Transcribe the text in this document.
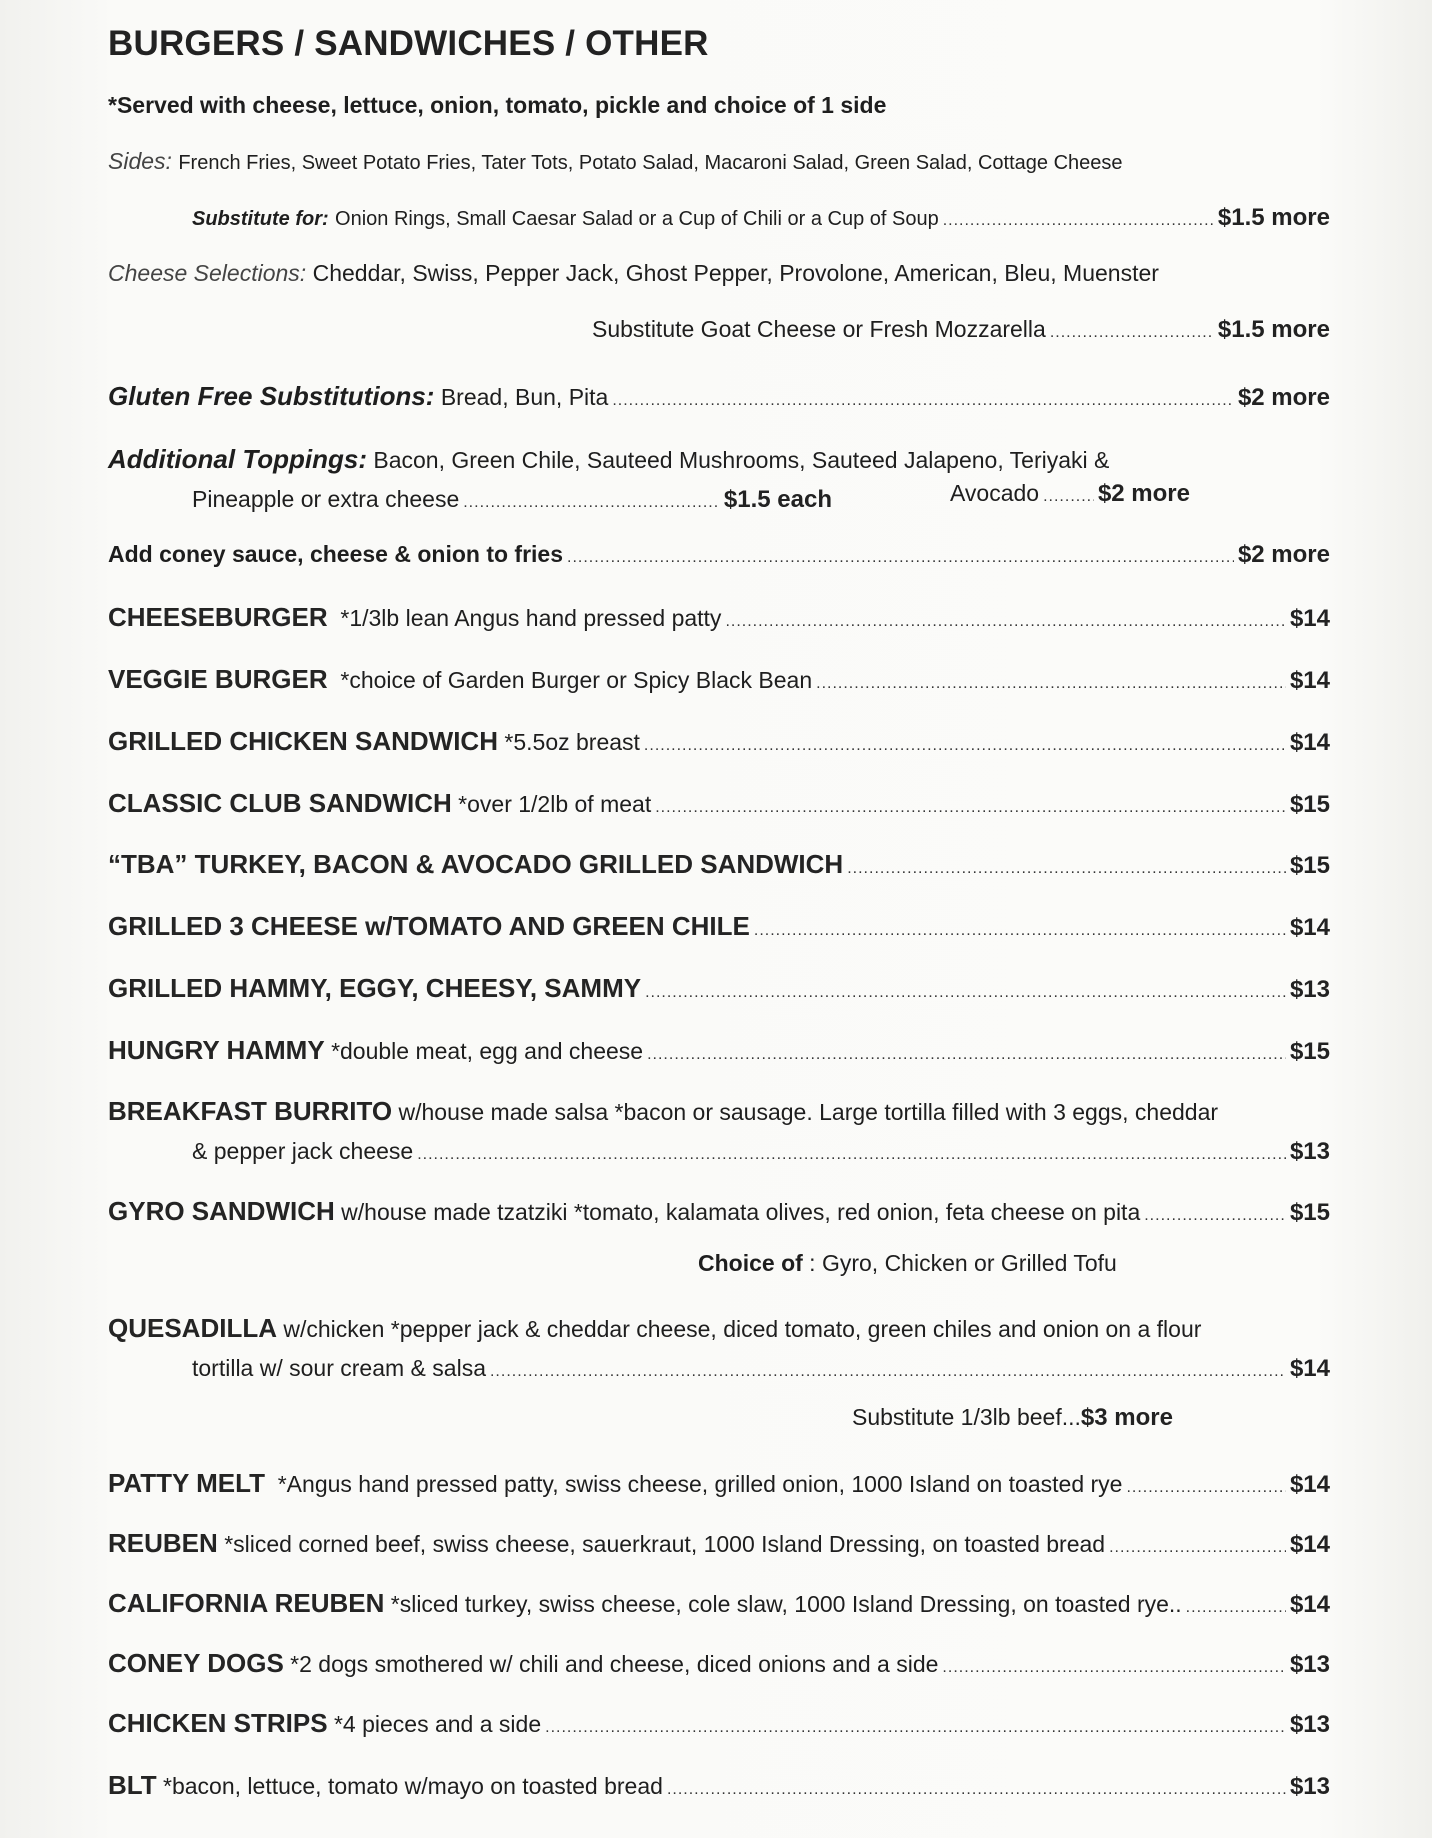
BURGERS / SANDWICHES / OTHER
*Served with cheese, lettuce, onion, tomato, pickle and choice of 1 side
Sides:
French Fries, Sweet Potato Fries, Tater Tots, Potato Salad, Macaroni Salad, Green Salad, Cottage Cheese
Substitute for:
Onion Rings, Small Caesar Salad or a Cup of Chili or a Cup of Soup .....	$1.5 more
Cheese Selections:
Cheddar, Swiss, Pepper Jack, Ghost Pepper, Provolone, American, Bleu, Muenster
Substitute Goat Cheese or Fresh Mozzarella .....	$1.5 more
Gluten Free Substitutions:
Bread, Bun, Pita .....	$2 more
Additional Toppings:
Bacon, Green Chile, Sauteed Mushrooms, Sauteed Jalapeno, Teriyaki &
Pineapple or extra cheese .....	$1.5 each	Avocado ..... $2 more
Add coney sauce, cheese & onion to fries .....	$2 more
CHEESEBURGER
*1/3lb lean Angus hand pressed patty .....	$14
VEGGIE BURGER
*choice of Garden Burger or Spicy Black Bean .....	$14
GRILLED CHICKEN SANDWICH
*5.5oz breast .....	$14
CLASSIC CLUB SANDWICH
*over 1/2lb of meat .....	$15
“TBA” TURKEY, BACON & AVOCADO GRILLED SANDWICH .....	$15
GRILLED 3 CHEESE w/TOMATO AND GREEN CHILE .....	$14
GRILLED HAMMY, EGGY, CHEESY, SAMMY .....	$13
HUNGRY HAMMY
*double meat, egg and cheese .....	$15
BREAKFAST BURRITO
w/house made salsa *bacon or sausage. Large tortilla filled with 3 eggs, cheddar
& pepper jack cheese .....	$13
GYRO SANDWICH
w/house made tzatziki *tomato, kalamata olives, red onion, feta cheese on pita .....	$15
Choice of : Gyro, Chicken or Grilled Tofu
QUESADILLA
w/chicken *pepper jack & cheddar cheese, diced tomato, green chiles and onion on a flour
tortilla w/ sour cream & salsa .....	$14
Substitute 1/3lb beef...$3 more
PATTY MELT
*Angus hand pressed patty, swiss cheese, grilled onion, 1000 Island on toasted rye .....	$14
REUBEN
*sliced corned beef, swiss cheese, sauerkraut, 1000 Island Dressing, on toasted bread .....	$14
CALIFORNIA REUBEN
*sliced turkey, swiss cheese, cole slaw, 1000 Island Dressing, on toasted rye.. .....	$14
CONEY DOGS
*2 dogs smothered w/ chili and cheese, diced onions and a side .....	$13
CHICKEN STRIPS
*4 pieces and a side .....	$13
BLT
*bacon, lettuce, tomato w/mayo on toasted bread .....	$13
